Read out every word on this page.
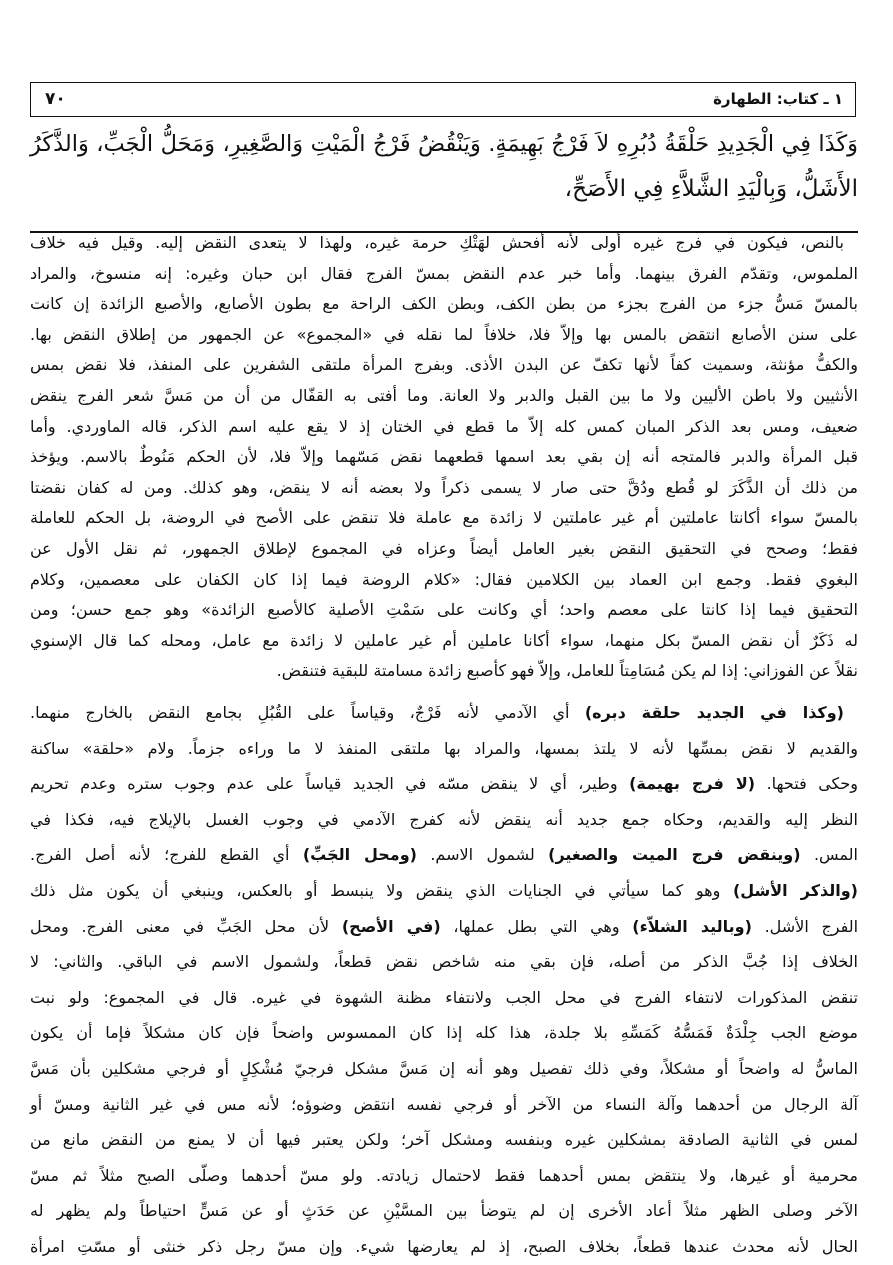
٧٠	١ ـ كتاب: الطهارة
وَكَذَا فِي الْجَدِيدِ حَلْقَةُ دُبُرِهِ لاَ فَرْجُ بَهِيمَةٍ. وَيَنْقُضُ فَرْجُ الْمَيْتِ وَالصَّغِيرِ، وَمَحَلُّ الْجَبِّ، وَالذَّكَرُ
الأَشَلُّ، وَبِالْيَدِ الشَّلاَّءِ فِي الأَصَحِّ،
بالنص، فيكون في فرج غيره أولى لأنه أفحش لهَتْكِ حرمة غيره، ولهذا لا يتعدى النقض إليه. وقيل فيه خلاف
الملموس، وتقدّم الفرق بينهما. وأما خبر عدم النقض بمسّ الفرج فقال ابن حبان وغيره: إنه منسوخ، والمراد
بالمسّ مَسُّ جزء من الفرج بجزء من بطن الكف، وبطن الكف الراحة مع بطون الأصابع، والأصبع الزائدة إن كانت
على سنن الأصابع انتقض بالمس بها وإلاّ فلا، خلافاً لما نقله في «المجموع» عن الجمهور من إطلاق النقض بها.
والكفُّ مؤنثة، وسميت كفاً لأنها تكفّ عن البدن الأذى. وبفرج المرأة ملتقى الشفرين على المنفذ، فلا نقض بمس
الأنثيين ولا باطن الأليين ولا ما بين القبل والدبر ولا العانة. وما أفتى به القفّال من أن من مَسَّ شعر الفرج ينقض
ضعيف، ومس بعد الذكر المبان كمس كله إلاّ ما قطع في الختان إذ لا يقع عليه اسم الذكر، قاله الماوردي. وأما
قبل المرأة والدبر فالمتجه أنه إن بقي بعد اسمها قطعهما نقض مَسّهما وإلاّ فلا، لأن الحكم مَنُوطٌ بالاسم. ويؤخذ
من ذلك أن الذَّكَرَ لو قُطع ودُقَّ حتى صار لا يسمى ذكراً ولا بعضه أنه لا ينقض، وهو كذلك. ومن له كفان نقضتا
بالمسّ سواء أكانتا عاملتين أم غير عاملتين لا زائدة مع عاملة فلا تنقض على الأصح في الروضة، بل الحكم للعاملة
فقط؛ وصحح في التحقيق النقض بغير العامل أيضاً وعزاه في المجموع لإطلاق الجمهور، ثم نقل الأول عن
البغوي فقط. وجمع ابن العماد بين الكلامين فقال: «كلام الروضة فيما إذا كان الكفان على معصمين، وكلام
التحقيق فيما إذا كانتا على معصم واحد؛ أي وكانت على سَمْتِ الأصلية كالأصبع الزائدة» وهو جمع حسن؛ ومن
له ذَكَرٌ أن نقض المسّ بكل منهما، سواء أكانا عاملين أم غير عاملين لا زائدة مع عامل، ومحله كما قال الإسنوي
نقلاً عن الفوزاني: إذا لم يكن مُسَامِتاً للعامل، وإلاّ فهو كأصبع زائدة مسامتة للبقية فتنقض.
(وكذا في الجديد حلقة دبره) أي الآدمي لأنه فَرْجٌ، وقياساً على القُبُلِ بجامع النقض بالخارج منهما.
والقديم لا نقض بمسِّها لأنه لا يلتذ بمسها، والمراد بها ملتقى المنفذ لا ما وراءه جزماً. ولام «حلقة» ساكنة
وحكى فتحها. (لا فرج بهيمة) وطير، أي لا ينقض مسّه في الجديد قياساً على عدم وجوب ستره وعدم تحريم
النظر إليه والقديم، وحكاه جمع جديد أنه ينقض لأنه كفرج الآدمي في وجوب الغسل بالإيلاج فيه، فكذا في
المس. (وينقض فرج الميت والصغير) لشمول الاسم. (ومحل الجَبِّ) أي القطع للفرج؛ لأنه أصل الفرج.
(والذكر الأشل) وهو كما سيأتي في الجنايات الذي ينقض ولا ينبسط أو بالعكس، وينبغي أن يكون مثل ذلك
الفرج الأشل. (وباليد الشلاّء) وهي التي بطل عملها، (في الأصح) لأن محل الجَبِّ في معنى الفرج. ومحل
الخلاف إذا جُبَّ الذكر من أصله، فإن بقي منه شاخص نقض قطعاً، ولشمول الاسم في الباقي. والثاني: لا
تنقض المذكورات لانتفاء الفرج في محل الجب ولانتفاء مظنة الشهوة في غيره. قال في المجموع: ولو نبت
موضع الجب جِلْدَةٌ فَمَسُّهُ كَمَسِّهِ بلا جلدة، هذا كله إذا كان الممسوس واضحاً فإن كان مشكلاً فإما أن يكون
الماسُّ له واضحاً أو مشكلاً، وفي ذلك تفصيل وهو أنه إن مَسَّ مشكل فرجيّ مُشْكِلٍ أو فرجي مشكلين بأن مَسَّ
آلة الرجال من أحدهما وآلة النساء من الآخر أو فرجي نفسه انتقض وضوؤه؛ لأنه مس في غير الثانية ومسّ أو
لمس في الثانية الصادقة بمشكلين غيره وبنفسه ومشكل آخر؛ ولكن يعتبر فيها أن لا يمنع من النقض مانع من
محرمية أو غيرها، ولا ينتقض بمس أحدهما فقط لاحتمال زيادته. ولو مسّ أحدهما وصلّى الصبح مثلاً ثم مسّ
الآخر وصلى الظهر مثلاً أعاد الأخرى إن لم يتوضأ بين المسَّيْنِ عن حَدَثٍ أو عن مَسٍّ احتياطاً ولم يظهر له
الحال لأنه محدث عندها قطعاً، بخلاف الصبح، إذ لم يعارضها شيء. وإن مسّ رجل ذكر خنثى أو مسّتِ امرأة
